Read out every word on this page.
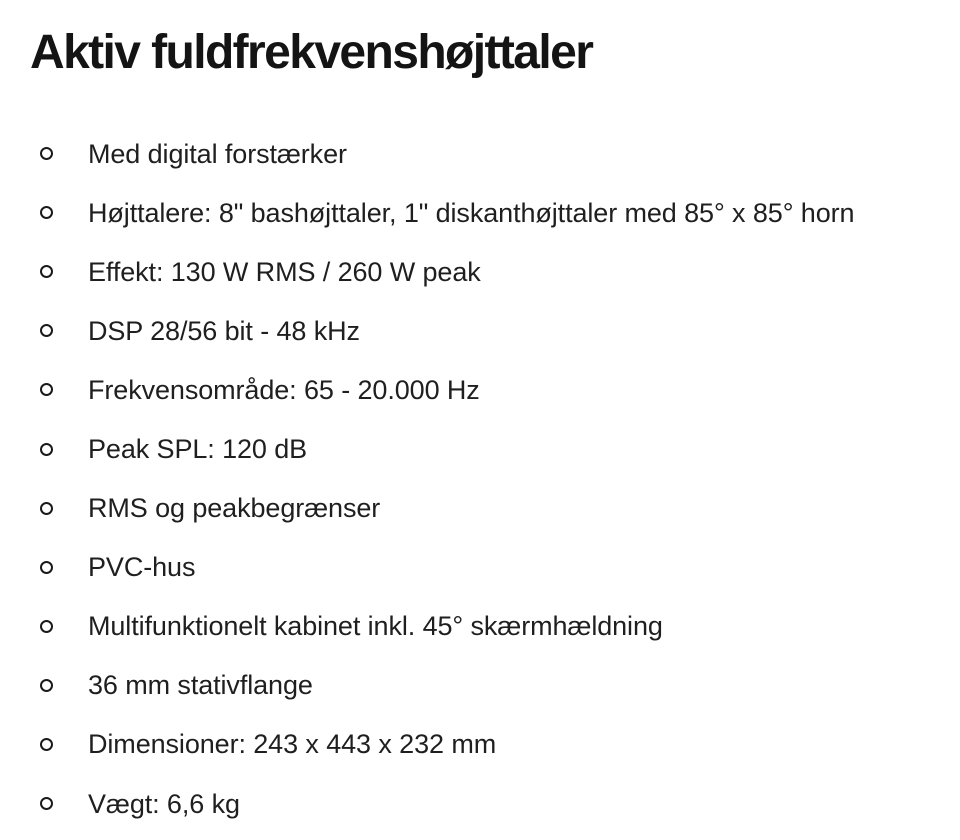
Aktiv fuldfrekvenshøjttaler
Med digital forstærker
Højttalere: 8" bashøjttaler, 1" diskanthøjttaler med 85° x 85° horn
Effekt: 130 W RMS / 260 W peak
DSP 28/56 bit - 48 kHz
Frekvensområde: 65 - 20.000 Hz
Peak SPL: 120 dB
RMS og peakbegrænser
PVC-hus
Multifunktionelt kabinet inkl. 45° skærmhældning
36 mm stativflange
Dimensioner: 243 x 443 x 232 mm
Vægt: 6,6 kg
